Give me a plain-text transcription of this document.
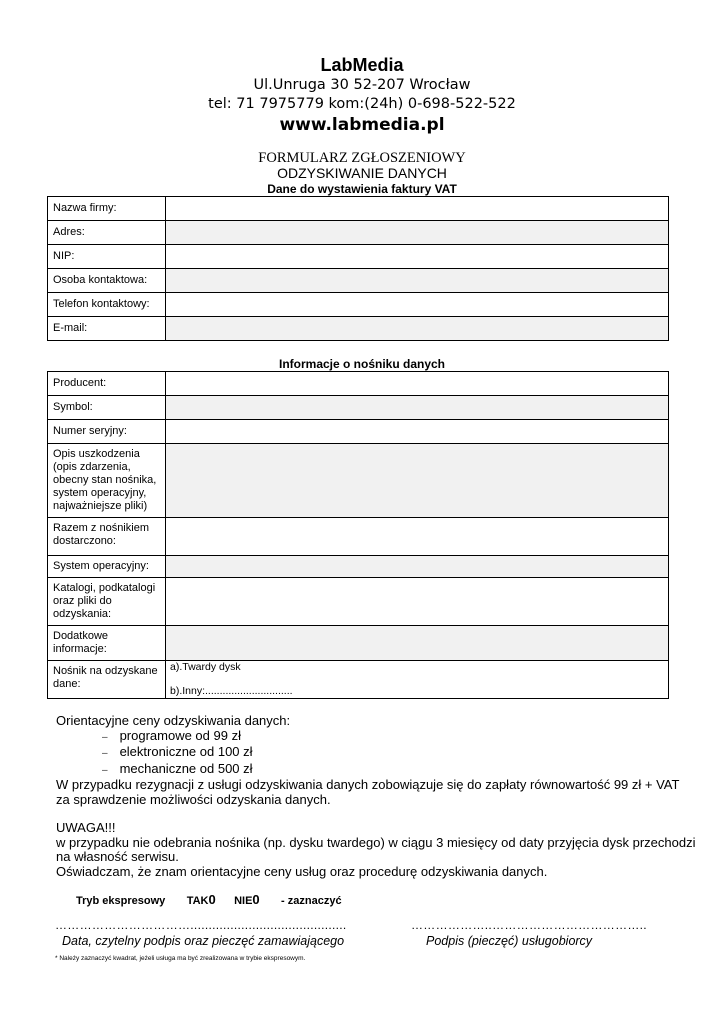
LabMedia
Ul.Unruga 30 52-207 Wrocław
tel: 71 7975779 kom:(24h) 0-698-522-522
www.labmedia.pl
FORMULARZ ZGŁOSZENIOWY
ODZYSKIWANIE DANYCH
Dane do wystawienia faktury VAT
Nazwa firmy:	
Adres:	
NIP:	
Osoba kontaktowa:	
Telefon kontaktowy:	
E-mail:	
Informacje o nośniku danych
Producent:	
Symbol:	
Numer seryjny:	
Opis uszkodzenia (opis zdarzenia, obecny stan nośnika, system operacyjny, najważniejsze pliki)	
Razem z nośnikiem dostarczono:	
System operacyjny:	
Katalogi, podkatalogi oraz pliki do odzyskania:	
Dodatkowe informacje:	
Nośnik na odzyskane dane:	a).Twardy dysk
b).Inny:..............................
Orientacyjne ceny odzyskiwania danych:
– programowe od 99 zł
– elektroniczne od 100 zł
– mechaniczne od 500 zł
W przypadku rezygnacji z usługi odzyskiwania danych zobowiązuje się do zapłaty równowartość 99 zł + VAT za sprawdzenie możliwości odzyskania danych.
UWAGA!!!
w przypadku nie odebrania nośnika (np. dysku twardego) w ciągu 3 miesięcy od daty przyjęcia dysk przechodzi na własność serwisu.
Oświadczam, że znam orientacyjne ceny usług oraz procedurę odzyskiwania danych.
Tryb ekspresowy TAK0 NIE0 - zaznaczyć
……………………………...........................................	………………..………………………………..
Data, czytelny podpis oraz pieczęć zamawiającego	Podpis (pieczęć) usługobiorcy
* Należy zaznaczyć kwadrat, jeżeli usługa ma być zrealizowana w trybie ekspresowym.
